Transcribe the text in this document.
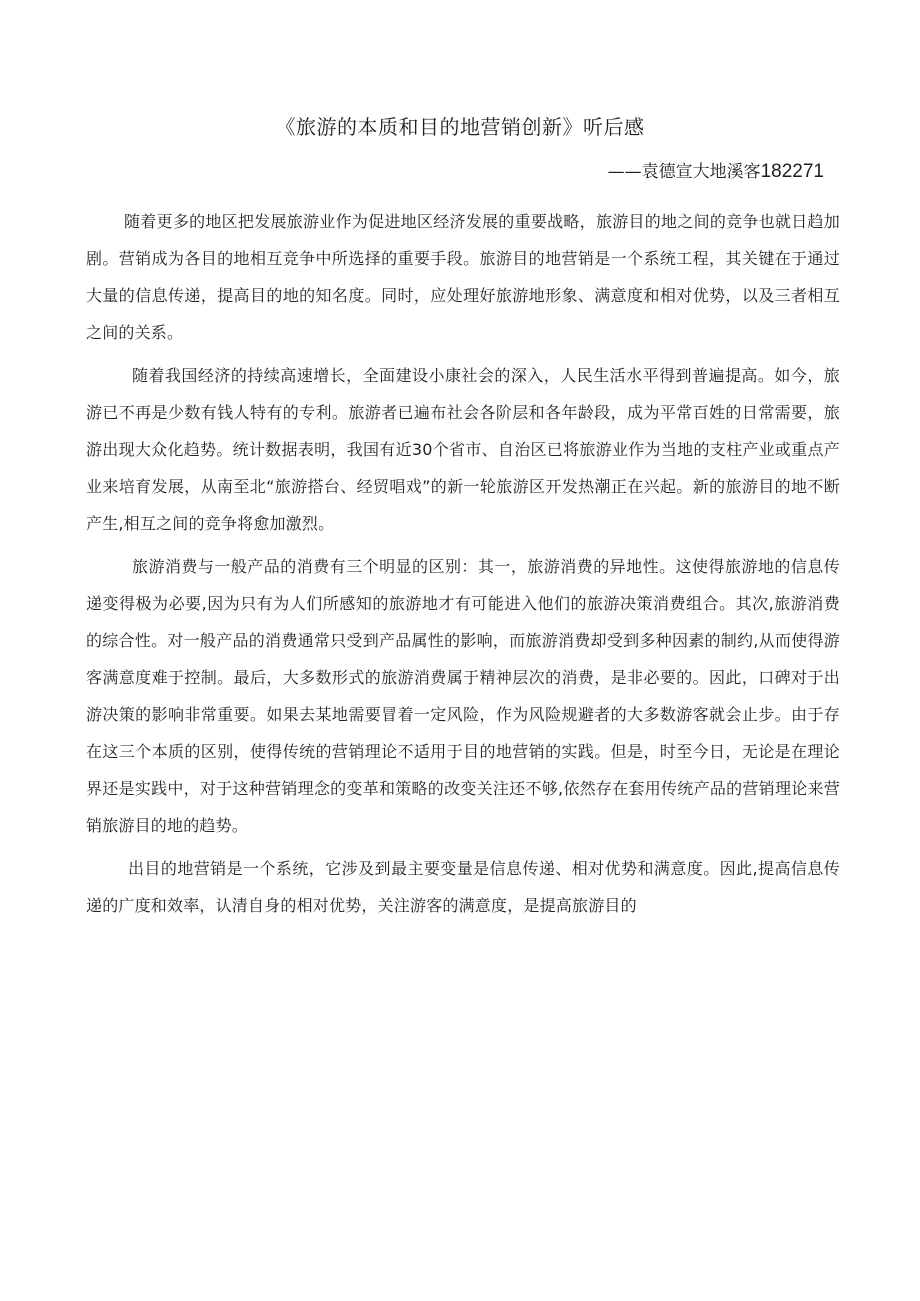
《旅游的本质和目的地营销创新》听后感
——袁德宣大地溪客182271

随着更多的地区把发展旅游业作为促进地区经济发展的重要战略，旅游目的地之间的竞争也就日趋加剧。营销成为各目的地相互竞争中所选择的重要手段。旅游目的地营销是一个系统工程，其关键在于通过大量的信息传递，提高目的地的知名度。同时，应处理好旅游地形象、满意度和相对优势，以及三者相互之间的关系。

随着我国经济的持续高速增长，全面建设小康社会的深入，人民生活水平得到普遍提高。如今，旅游已不再是少数有钱人特有的专利。旅游者已遍布社会各阶层和各年龄段，成为平常百姓的日常需要，旅游出现大众化趋势。统计数据表明，我国有近30个省市、自治区已将旅游业作为当地的支柱产业或重点产业来培育发展，从南至北“旅游搭台、经贸唱戏”的新一轮旅游区开发热潮正在兴起。新的旅游目的地不断产生,相互之间的竞争将愈加激烈。

旅游消费与一般产品的消费有三个明显的区别：其一，旅游消费的异地性。这使得旅游地的信息传递变得极为必要,因为只有为人们所感知的旅游地才有可能进入他们的旅游决策消费组合。其次,旅游消费的综合性。对一般产品的消费通常只受到产品属性的影响，而旅游消费却受到多种因素的制约,从而使得游客满意度难于控制。最后，大多数形式的旅游消费属于精神层次的消费，是非必要的。因此，口碑对于出游决策的影响非常重要。如果去某地需要冒着一定风险，作为风险规避者的大多数游客就会止步。由于存在这三个本质的区别，使得传统的营销理论不适用于目的地营销的实践。但是，时至今日，无论是在理论界还是实践中，对于这种营销理念的变革和策略的改变关注还不够,依然存在套用传统产品的营销理论来营销旅游目的地的趋势。

出目的地营销是一个系统，它涉及到最主要变量是信息传递、相对优势和满意度。因此,提高信息传递的广度和效率，认清自身的相对优势，关注游客的满意度，是提高旅游目的
